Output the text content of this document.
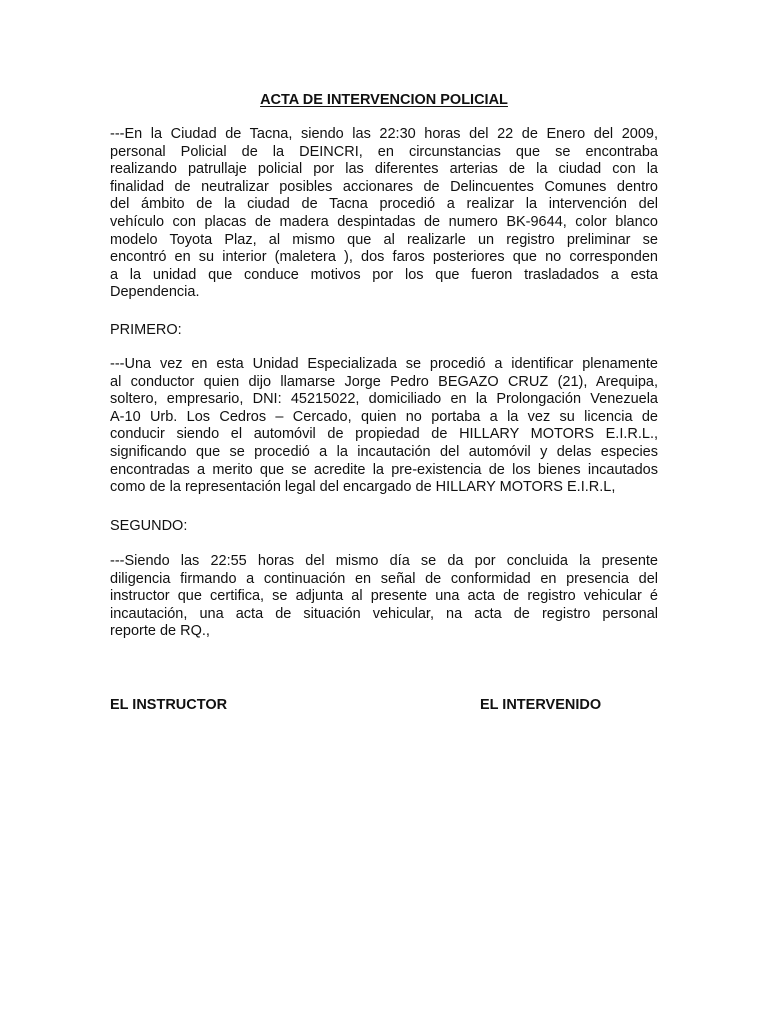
ACTA DE INTERVENCION POLICIAL

---En la Ciudad de Tacna, siendo las 22:30 horas del 22 de Enero del 2009,
personal Policial de la DEINCRI, en circunstancias que se encontraba
realizando patrullaje policial por las diferentes arterias de la ciudad con la
finalidad de neutralizar posibles accionares de Delincuentes Comunes dentro
del ámbito de la ciudad de Tacna procedió a realizar la intervención del
vehículo con placas de madera despintadas de numero BK-9644, color blanco
modelo Toyota Plaz, al mismo que al realizarle un registro preliminar se
encontró en su interior (maletera ), dos faros posteriores que no corresponden
a la unidad que conduce motivos por los que fueron trasladados a esta
Dependencia.

PRIMERO:

---Una vez en esta Unidad Especializada se procedió a identificar plenamente
al conductor quien dijo llamarse Jorge Pedro BEGAZO CRUZ (21), Arequipa,
soltero, empresario, DNI: 45215022, domiciliado en la Prolongación Venezuela
A-10 Urb. Los Cedros – Cercado, quien no portaba a la vez su licencia de
conducir siendo el automóvil de propiedad de HILLARY MOTORS E.I.R.L.,
significando que se procedió a la incautación del automóvil y delas especies
encontradas a merito que se acredite la pre-existencia de los bienes incautados
como de la representación legal del encargado de HILLARY MOTORS E.I.R.L,

SEGUNDO:

---Siendo las 22:55 horas del mismo día se da por concluida la presente
diligencia firmando a continuación en señal de conformidad en presencia del
instructor que certifica, se adjunta al presente una acta de registro vehicular é
incautación, una acta de situación vehicular, na acta de registro personal
reporte de RQ.,

EL INSTRUCTOR	EL INTERVENIDO
